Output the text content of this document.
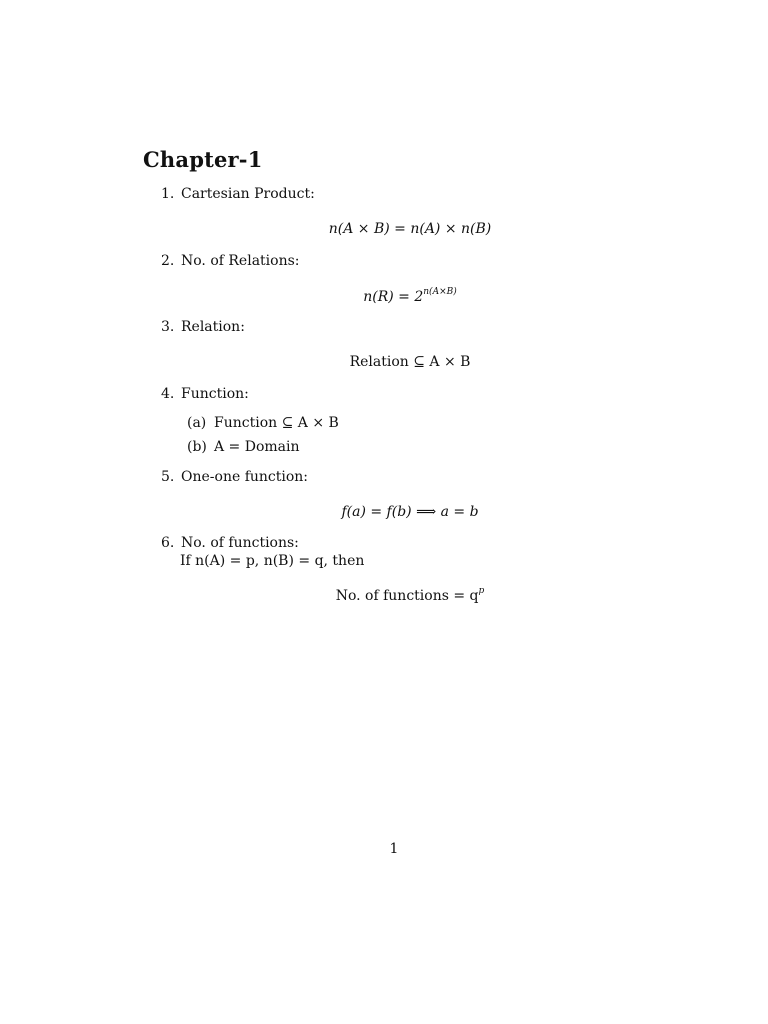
Chapter-1
1. Cartesian Product:
n(A × B) = n(A) × n(B)
2. No. of Relations:
$n(R) = 2^{n(A\times B)}$
3. Relation:
Relation ⊆ A × B
4. Function:
(a) Function ⊆ A × B
(b) A = Domain
5. One-one function:
f(a) = f(b) ⟹ a = b
6. No. of functions:
If n(A) = p, n(B) = q, then
No. of functions = $q^p$
1
